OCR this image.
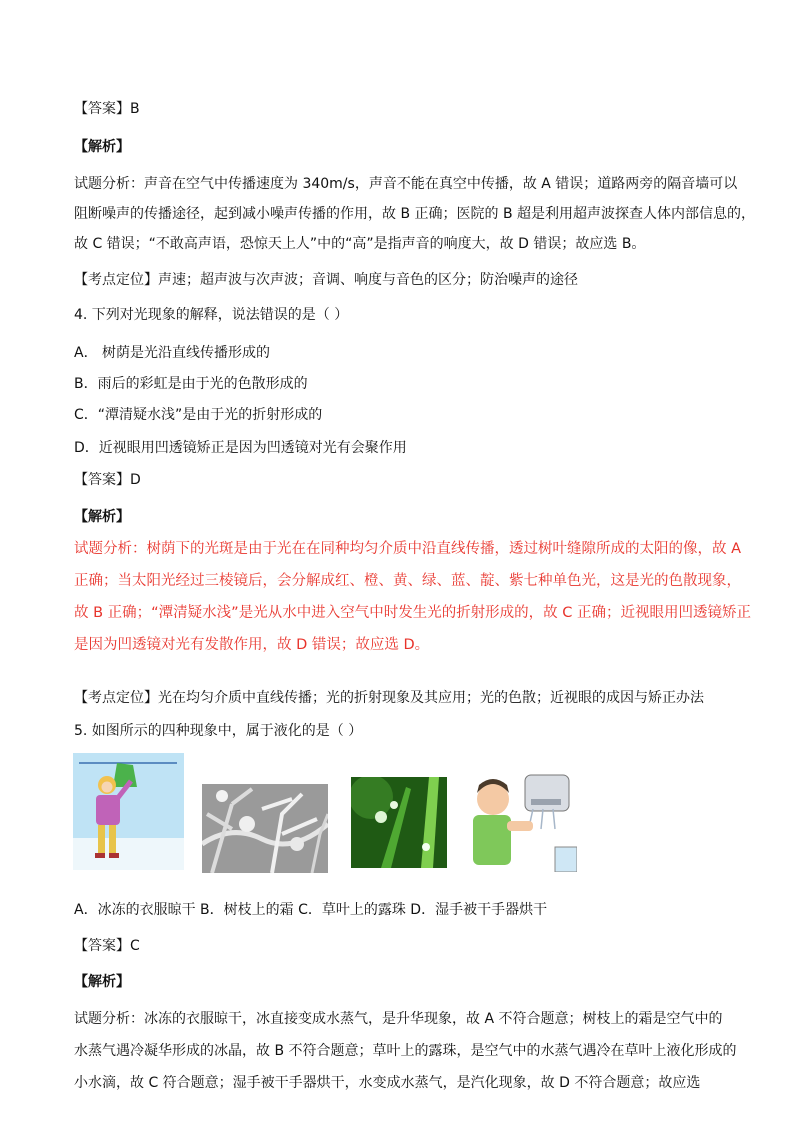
【答案】B
【解析】
试题分析：声音在空气中传播速度为 340m/s，声音不能在真空中传播，故 A 错误；道路两旁的隔音墙可以
阻断噪声的传播途径，起到减小噪声传播的作用，故 B 正确；医院的 B 超是利用超声波探查人体内部信息的，
故 C 错误；“不敢高声语，恐惊天上人”中的“高”是指声音的响度大，故 D 错误；故应选 B。
【考点定位】声速；超声波与次声波；音调、响度与音色的区分；防治噪声的途径
4. 下列对光现象的解释，说法错误的是（ ）
A． 树荫是光沿直线传播形成的
B．雨后的彩虹是由于光的色散形成的
C．“潭清疑水浅”是由于光的折射形成的
D．近视眼用凹透镜矫正是因为凹透镜对光有会聚作用
【答案】D
【解析】
试题分析：树荫下的光斑是由于光在在同种均匀介质中沿直线传播，透过树叶缝隙所成的太阳的像，故 A
正确；当太阳光经过三棱镜后，会分解成红、橙、黄、绿、蓝、靛、紫七种单色光，这是光的色散现象，
故 B 正确；“潭清疑水浅”是光从水中进入空气中时发生光的折射形成的，故 C 正确；近视眼用凹透镜矫正
是因为凹透镜对光有发散作用，故 D 错误；故应选 D。
【考点定位】光在均匀介质中直线传播；光的折射现象及其应用；光的色散；近视眼的成因与矫正办法
5. 如图所示的四种现象中，属于液化的是（ ）
A．冰冻的衣服晾干 B．树枝上的霜 C．草叶上的露珠 D．湿手被干手器烘干
【答案】C
【解析】
试题分析：冰冻的衣服晾干，冰直接变成水蒸气，是升华现象，故 A 不符合题意；树枝上的霜是空气中的
水蒸气遇冷凝华形成的冰晶，故 B 不符合题意；草叶上的露珠，是空气中的水蒸气遇冷在草叶上液化形成的
小水滴，故 C 符合题意；湿手被干手器烘干，水变成水蒸气，是汽化现象，故 D 不符合题意；故应选
